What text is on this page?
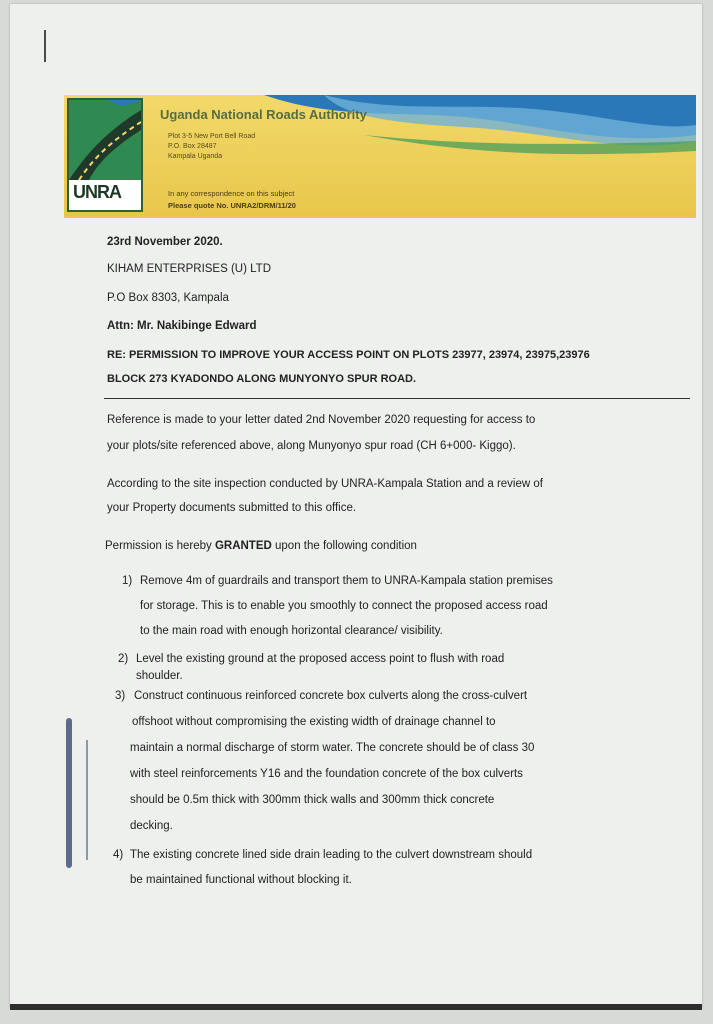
UNRA
Uganda National Roads Authority
Plot 3-5 New Port Bell Road
P.O. Box 28487
Kampala Uganda
In any correspondence on this subject
Please quote No. UNRA2/DRM/11/20
23rd November 2020.
KIHAM ENTERPRISES (U) LTD
P.O Box 8303, Kampala
Attn: Mr. Nakibinge Edward
RE: PERMISSION TO IMPROVE YOUR ACCESS POINT ON PLOTS 23977, 23974, 23975,23976
BLOCK 273 KYADONDO ALONG MUNYONYO SPUR ROAD.
Reference is made to your letter dated 2nd November 2020 requesting for access to
your plots/site referenced above, along Munyonyo spur road (CH 6+000- Kiggo).
According to the site inspection conducted by UNRA-Kampala Station and a review of
your Property documents submitted to this office.
Permission is hereby GRANTED upon the following condition
1) Remove 4m of guardrails and transport them to UNRA-Kampala station premises
for storage. This is to enable you smoothly to connect the proposed access road
to the main road with enough horizontal clearance/ visibility.
2) Level the existing ground at the proposed access point to flush with road
shoulder.
3) Construct continuous reinforced concrete box culverts along the cross-culvert
offshoot without compromising the existing width of drainage channel to
maintain a normal discharge of storm water. The concrete should be of class 30
with steel reinforcements Y16 and the foundation concrete of the box culverts
should be 0.5m thick with 300mm thick walls and 300mm thick concrete
decking.
4) The existing concrete lined side drain leading to the culvert downstream should
be maintained functional without blocking it.
